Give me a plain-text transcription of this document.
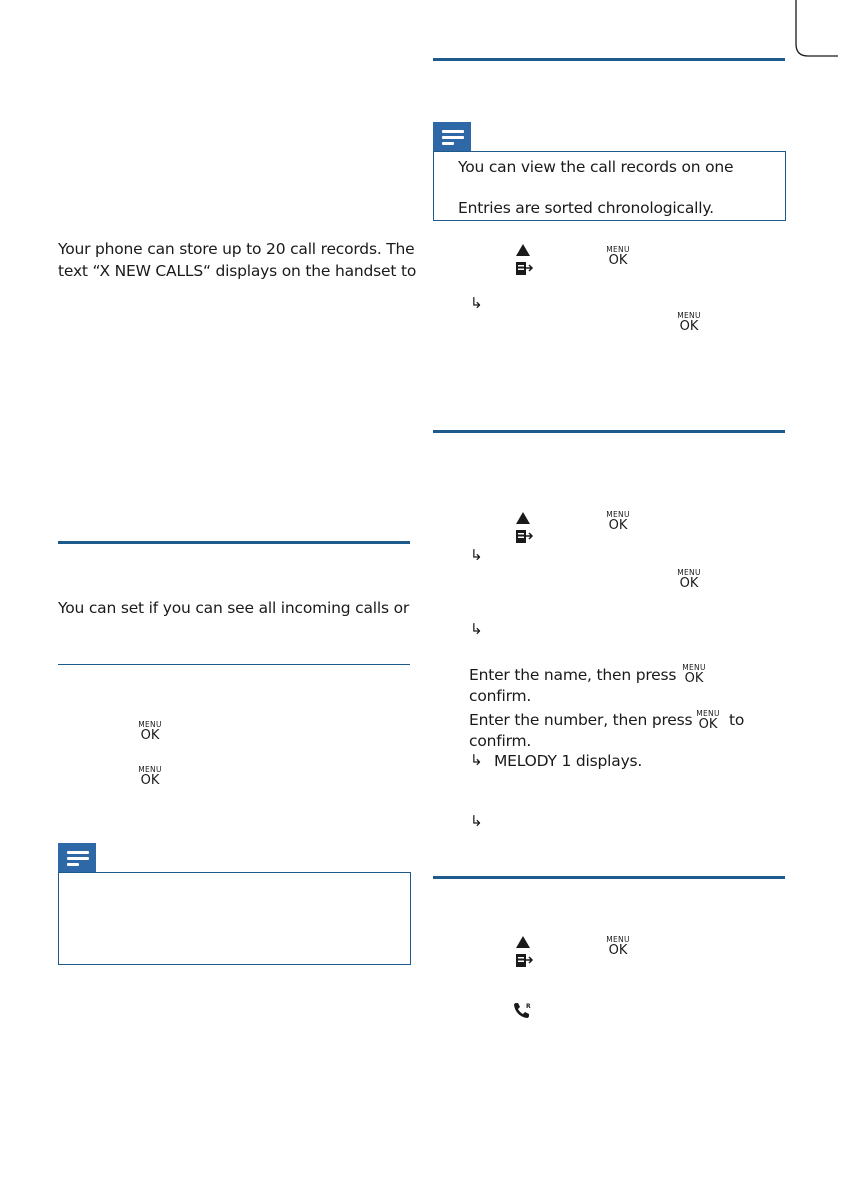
Your phone can store up to 20 call records. The
text “X NEW CALLS“ displays on the handset to
You can set if you can see all incoming calls or
MENU
OK
MENU
OK
You can view the call records on one
Entries are sorted chronologically.
MENU
OK
↳
MENU
OK
MENU
OK
↳
MENU
OK
↳
Enter the name, then press MENU
OK
confirm.
Enter the number, then press MENU
OK to
confirm.
↳ MELODY 1 displays.
↳
MENU
OK
R
